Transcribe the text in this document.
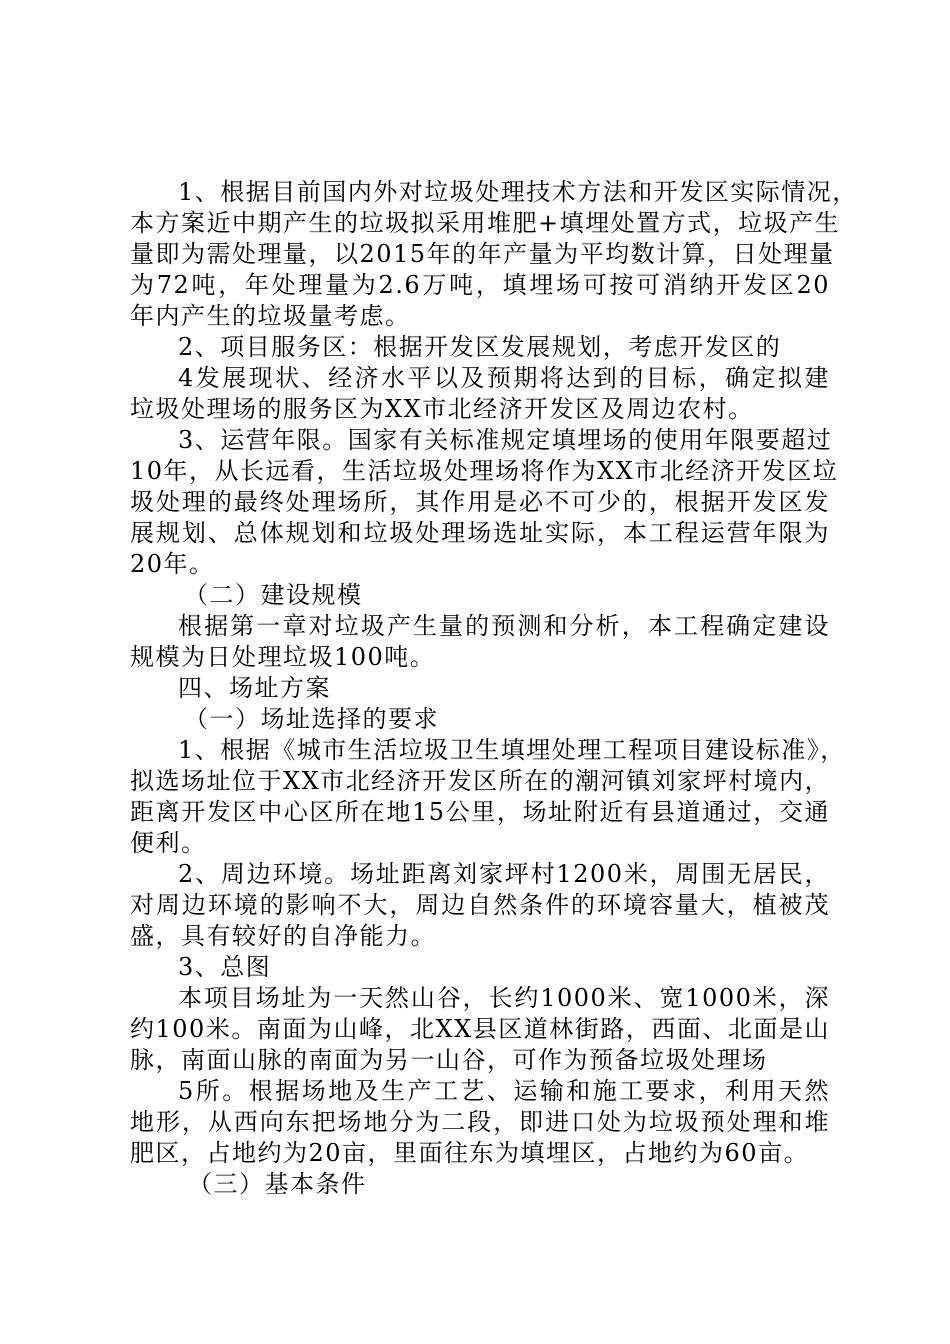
1、根据目前国内外对垃圾处理技术方法和开发区实际情况，
本方案近中期产生的垃圾拟采用堆肥+填埋处置方式，垃圾产生
量即为需处理量，以2015年的年产量为平均数计算，日处理量
为72吨，年处理量为2.6万吨，填埋场可按可消纳开发区20
年内产生的垃圾量考虑。
2、项目服务区：根据开发区发展规划，考虑开发区的
4发展现状、经济水平以及预期将达到的目标，确定拟建
垃圾处理场的服务区为XX市北经济开发区及周边农村。
3、运营年限。国家有关标准规定填埋场的使用年限要超过
10年，从长远看，生活垃圾处理场将作为XX市北经济开发区垃
圾处理的最终处理场所，其作用是必不可少的，根据开发区发
展规划、总体规划和垃圾处理场选址实际，本工程运营年限为
20年。
（二）建设规模
根据第一章对垃圾产生量的预测和分析，本工程确定建设
规模为日处理垃圾100吨。
四、场址方案
（一）场址选择的要求
1、根据《城市生活垃圾卫生填埋处理工程项目建设标准》，
拟选场址位于XX市北经济开发区所在的潮河镇刘家坪村境内，
距离开发区中心区所在地15公里，场址附近有县道通过，交通
便利。
2、周边环境。场址距离刘家坪村1200米，周围无居民，
对周边环境的影响不大，周边自然条件的环境容量大，植被茂
盛，具有较好的自净能力。
3、总图
本项目场址为一天然山谷，长约1000米、宽1000米，深
约100米。南面为山峰，北XX县区道林街路，西面、北面是山
脉，南面山脉的南面为另一山谷，可作为预备垃圾处理场
5所。根据场地及生产工艺、运输和施工要求，利用天然
地形，从西向东把场地分为二段，即进口处为垃圾预处理和堆
肥区，占地约为20亩，里面往东为填埋区，占地约为60亩。
（三）基本条件
